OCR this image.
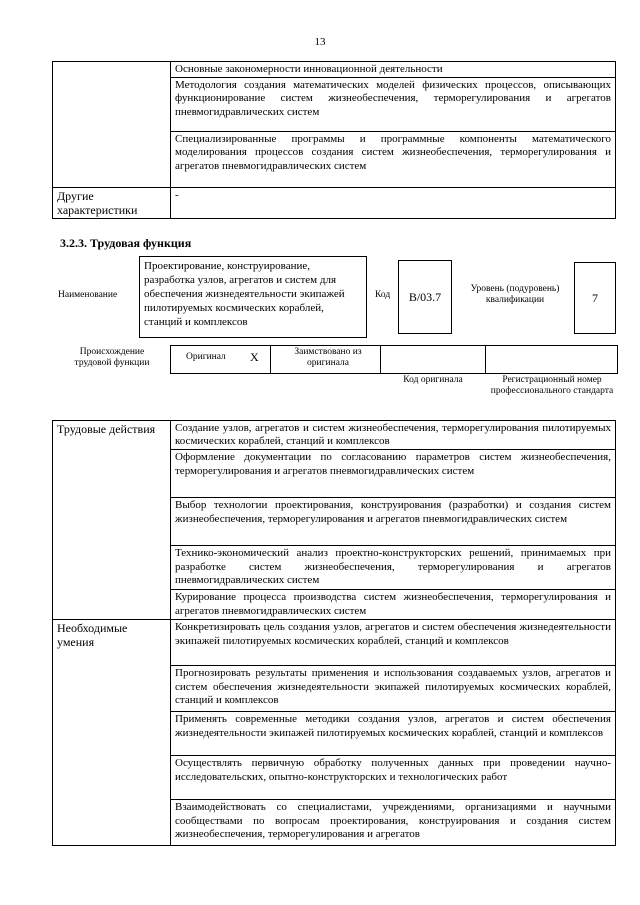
13
	Основные закономерности инновационной деятельности
	Методология создания математических моделей физических процессов, описывающих функционирование систем жизнеобеспечения, терморегулирования и агрегатов пневмогидравлических систем
	Специализированные программы и программные компоненты математического моделирования процессов создания систем жизнеобеспечения, терморегулирования и агрегатов пневмогидравлических систем
Другие характеристики	-
3.2.3. Трудовая функция
Наименование
Проектирование, конструирование, разработка узлов, агрегатов и систем для обеспечения жизнедеятельности экипажей пилотируемых космических кораблей, станций и комплексов
Код	В/03.7
Уровень (подуровень) квалификации	7
Происхождение трудовой функции
Оригинал X	Заимствовано из оригинала
Код оригинала	Регистрационный номер профессионального стандарта
Трудовые действия	Создание узлов, агрегатов и систем жизнеобеспечения, терморегулирования пилотируемых космических кораблей, станций и комплексов
	Оформление документации по согласованию параметров систем жизнеобеспечения, терморегулирования и агрегатов пневмогидравлических систем
	Выбор технологии проектирования, конструирования (разработки) и создания систем жизнеобеспечения, терморегулирования и агрегатов пневмогидравлических систем
	Технико-экономический анализ проектно-конструкторских решений, принимаемых при разработке систем жизнеобеспечения, терморегулирования и агрегатов пневмогидравлических систем
	Курирование процесса производства систем жизнеобеспечения, терморегулирования и агрегатов пневмогидравлических систем
Необходимые умения	Конкретизировать цель создания узлов, агрегатов и систем обеспечения жизнедеятельности экипажей пилотируемых космических кораблей, станций и комплексов
	Прогнозировать результаты применения и использования создаваемых узлов, агрегатов и систем обеспечения жизнедеятельности экипажей пилотируемых космических кораблей, станций и комплексов
	Применять современные методики создания узлов, агрегатов и систем обеспечения жизнедеятельности экипажей пилотируемых космических кораблей, станций и комплексов
	Осуществлять первичную обработку полученных данных при проведении научно-исследовательских, опытно-конструкторских и технологических работ
	Взаимодействовать со специалистами, учреждениями, организациями и научными сообществами по вопросам проектирования, конструирования и создания систем жизнеобеспечения, терморегулирования и агрегатов
